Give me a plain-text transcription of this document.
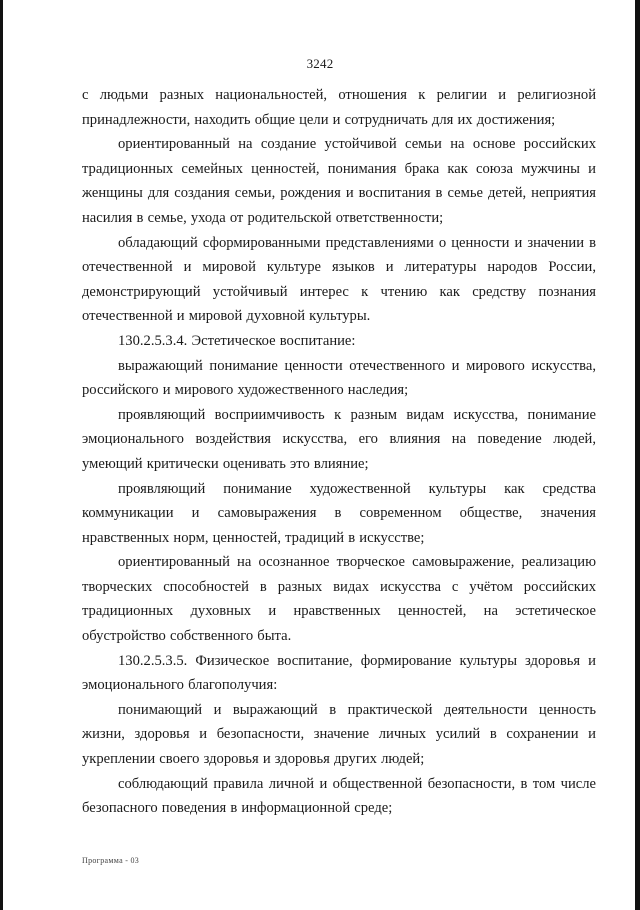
3242

с людьми разных национальностей, отношения к религии и религиозной принадлежности, находить общие цели и сотрудничать для их достижения;

ориентированный на создание устойчивой семьи на основе российских традиционных семейных ценностей, понимания брака как союза мужчины и женщины для создания семьи, рождения и воспитания в семье детей, неприятия насилия в семье, ухода от родительской ответственности;

обладающий сформированными представлениями о ценности и значении в отечественной и мировой культуре языков и литературы народов России, демонстрирующий устойчивый интерес к чтению как средству познания отечественной и мировой духовной культуры.

130.2.5.3.4. Эстетическое воспитание:

выражающий понимание ценности отечественного и мирового искусства, российского и мирового художественного наследия;

проявляющий восприимчивость к разным видам искусства, понимание эмоционального воздействия искусства, его влияния на поведение людей, умеющий критически оценивать это влияние;

проявляющий понимание художественной культуры как средства коммуникации и самовыражения в современном обществе, значения нравственных норм, ценностей, традиций в искусстве;

ориентированный на осознанное творческое самовыражение, реализацию творческих способностей в разных видах искусства с учётом российских традиционных духовных и нравственных ценностей, на эстетическое обустройство собственного быта.

130.2.5.3.5. Физическое воспитание, формирование культуры здоровья и эмоционального благополучия:

понимающий и выражающий в практической деятельности ценность жизни, здоровья и безопасности, значение личных усилий в сохранении и укреплении своего здоровья и здоровья других людей;

соблюдающий правила личной и общественной безопасности, в том числе безопасного поведения в информационной среде;

Программа - 03
